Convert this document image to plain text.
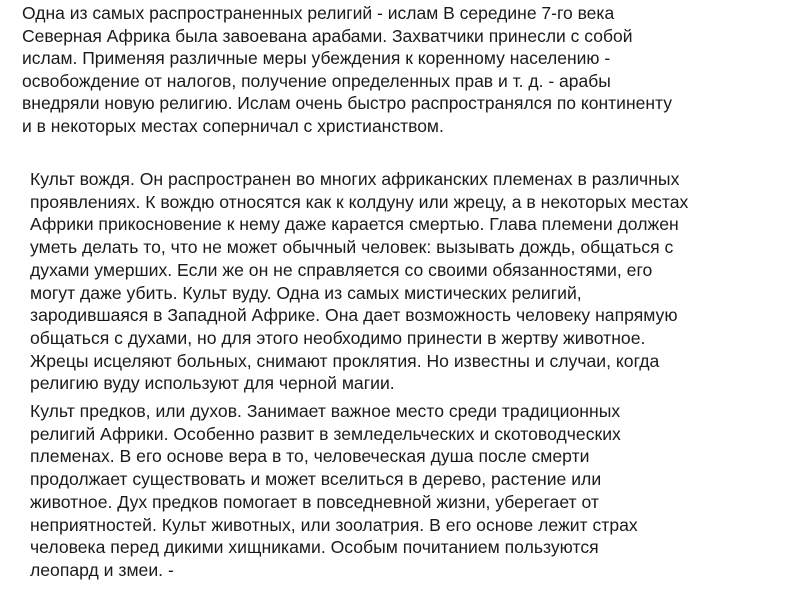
Одна из самых распространенных религий - ислам В середине 7-го века
Северная Африка была завоевана арабами. Захватчики принесли с собой
ислам. Применяя различные меры убеждения к коренному населению -
освобождение от налогов, получение определенных прав и т. д. - арабы
внедряли новую религию. Ислам очень быстро распространялся по континенту
и в некоторых местах соперничал с христианством.

Культ вождя. Он распространен во многих африканских племенах в различных
проявлениях. К вождю относятся как к колдуну или жрецу, а в некоторых местах
Африки прикосновение к нему даже карается смертью. Глава племени должен
уметь делать то, что не может обычный человек: вызывать дождь, общаться с
духами умерших. Если же он не справляется со своими обязанностями, его
могут даже убить. Культ вуду. Одна из самых мистических религий,
зародившаяся в Западной Африке. Она дает возможность человеку напрямую
общаться с духами, но для этого необходимо принести в жертву животное.
Жрецы исцеляют больных, снимают проклятия. Но известны и случаи, когда
религию вуду используют для черной магии.

Культ предков, или духов. Занимает важное место среди традиционных
религий Африки. Особенно развит в земледельческих и скотоводческих
племенах. В его основе вера в то, человеческая душа после смерти
продолжает существовать и может вселиться в дерево, растение или
животное. Дух предков помогает в повседневной жизни, уберегает от
неприятностей. Культ животных, или зоолатрия. В его основе лежит страх
человека перед дикими хищниками. Особым почитанием пользуются
леопард и змеи. -
